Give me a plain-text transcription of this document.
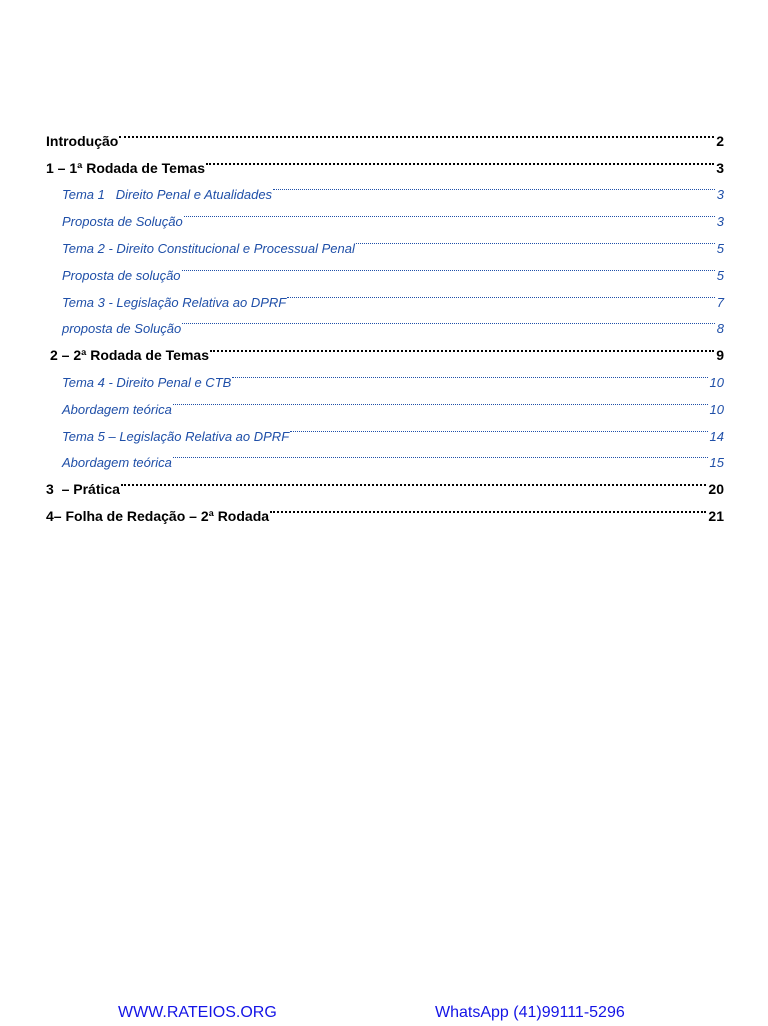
Introdução	2
1 – 1ª Rodada de Temas	3
Tema 1   Direito Penal e Atualidades	3
Proposta de Solução	3
Tema 2 - Direito Constitucional e Processual Penal	5
Proposta de solução	5
Tema 3 - Legislação Relativa ao DPRF	7
proposta de Solução	8
2 – 2ª Rodada de Temas	9
Tema 4 - Direito Penal e CTB	10
Abordagem teórica	10
Tema 5 – Legislação Relativa ao DPRF	14
Abordagem teórica	15
3  – Prática	20
4– Folha de Redação – 2ª Rodada	21
WWW.RATEIOS.ORG	WhatsApp (41)99111-5296
